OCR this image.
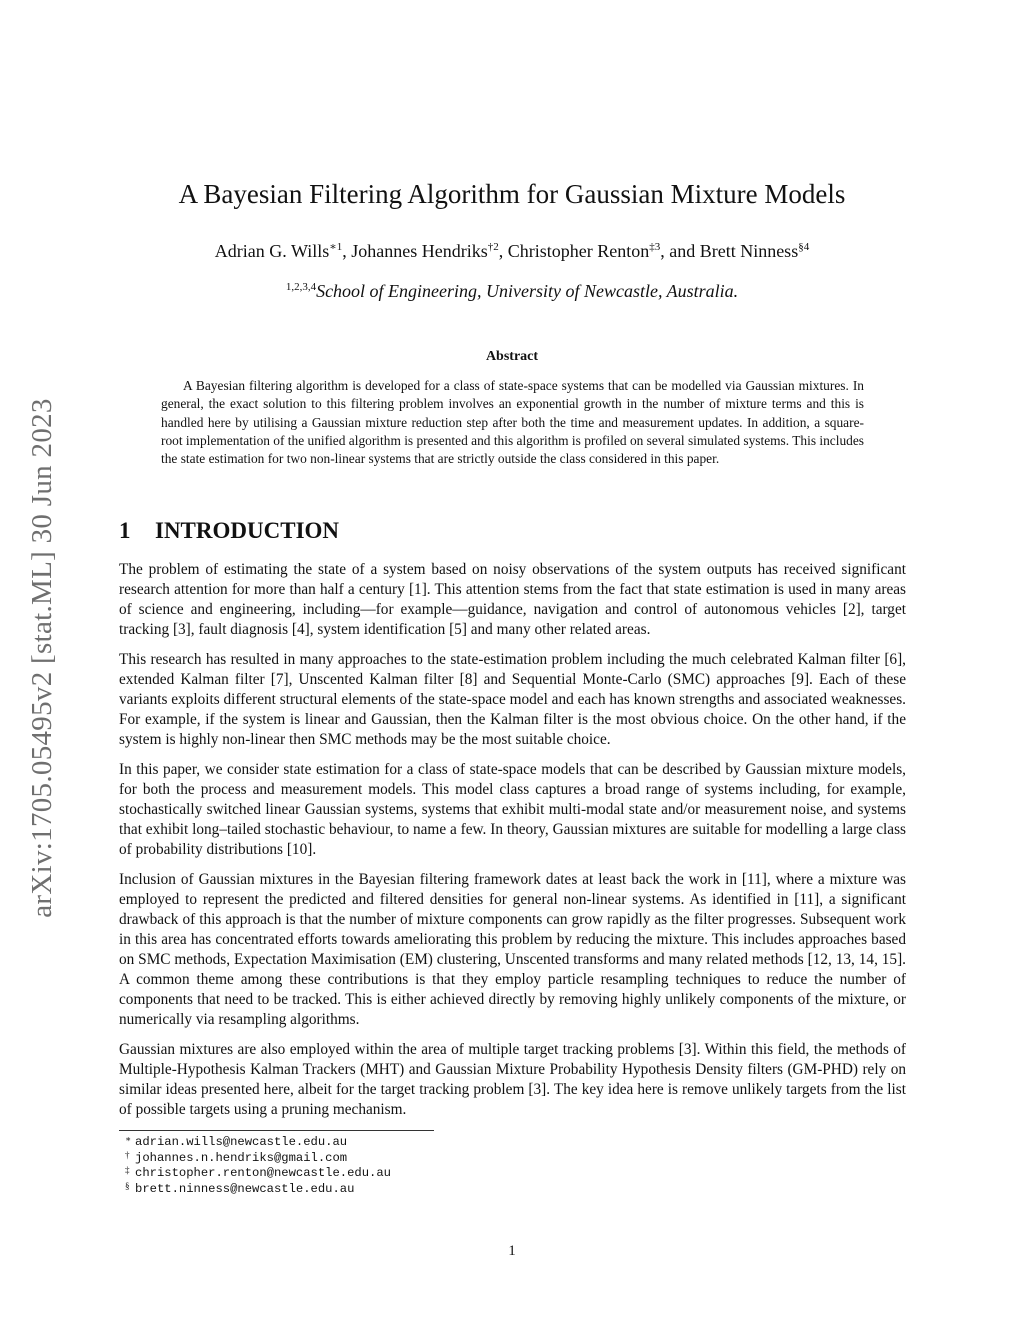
arXiv:1705.05495v2 [stat.ML] 30 Jun 2023
A Bayesian Filtering Algorithm for Gaussian Mixture Models
Adrian G. Wills$^{∗1}$, Johannes Hendriks$^{\dagger 2}$, Christopher Renton$^{\ddagger 3}$, and Brett Ninness$^{\S 4}$
$^{1,2,3,4}$School of Engineering, University of Newcastle, Australia.
Abstract

A Bayesian filtering algorithm is developed for a class of state-space systems that can be modelled via Gaussian mixtures. In general, the exact solution to this filtering problem involves an exponential growth in the number of mixture terms and this is handled here by utilising a Gaussian mixture reduction step after both the time and measurement updates. In addition, a square-root implementation of the unified algorithm is presented and this algorithm is profiled on several simulated systems. This includes the state estimation for two non-linear systems that are strictly outside the class considered in this paper.

1 INTRODUCTION

The problem of estimating the state of a system based on noisy observations of the system outputs has received significant research attention for more than half a century [1]. This attention stems from the fact that state estimation is used in many areas of science and engineering, including—for example—guidance, navigation and control of autonomous vehicles [2], target tracking [3], fault diagnosis [4], system identification [5] and many other related areas.

This research has resulted in many approaches to the state-estimation problem including the much celebrated Kalman filter [6], extended Kalman filter [7], Unscented Kalman filter [8] and Sequential Monte-Carlo (SMC) approaches [9]. Each of these variants exploits different structural elements of the state-space model and each has known strengths and associated weaknesses. For example, if the system is linear and Gaussian, then the Kalman filter is the most obvious choice. On the other hand, if the system is highly non-linear then SMC methods may be the most suitable choice.

In this paper, we consider state estimation for a class of state-space models that can be described by Gaussian mixture models, for both the process and measurement models. This model class captures a broad range of systems including, for example, stochastically switched linear Gaussian systems, systems that exhibit multi-modal state and/or measurement noise, and systems that exhibit long–tailed stochastic behaviour, to name a few. In theory, Gaussian mixtures are suitable for modelling a large class of probability distributions [10].

Inclusion of Gaussian mixtures in the Bayesian filtering framework dates at least back the work in [11], where a mixture was employed to represent the predicted and filtered densities for general non-linear systems. As identified in [11], a significant drawback of this approach is that the number of mixture components can grow rapidly as the filter progresses. Subsequent work in this area has concentrated efforts towards ameliorating this problem by reducing the mixture. This includes approaches based on SMC methods, Expectation Maximisation (EM) clustering, Unscented transforms and many related methods [12, 13, 14, 15]. A common theme among these contributions is that they employ particle resampling techniques to reduce the number of components that need to be tracked. This is either achieved directly by removing highly unlikely components of the mixture, or numerically via resampling algorithms.

Gaussian mixtures are also employed within the area of multiple target tracking problems [3]. Within this field, the methods of Multiple-Hypothesis Kalman Trackers (MHT) and Gaussian Mixture Probability Hypothesis Density filters (GM-PHD) rely on similar ideas presented here, albeit for the target tracking problem [3]. The key idea here is remove unlikely targets from the list of possible targets using a pruning mechanism.

∗ adrian.wills@newcastle.edu.au
† johannes.n.hendriks@gmail.com
‡ christopher.renton@newcastle.edu.au
§ brett.ninness@newcastle.edu.au
1
